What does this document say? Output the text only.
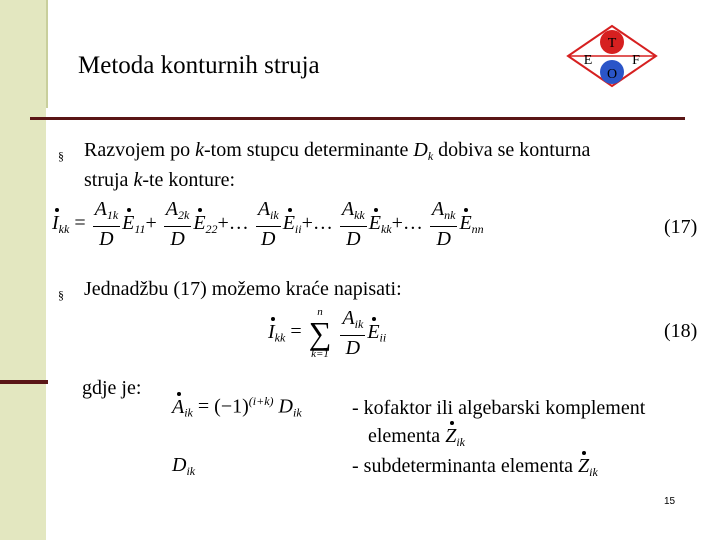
Metoda konturnih struja
T
E	F
O
§	Razvojem po k-tom stupcu determinante $D_k$ dobiva se konturna
struja k-te konture:
$I_{kk} = \frac{A_{1k}}{D} E_{11}+ \frac{A_{2k}}{D}$ $E_{22}+\dots \frac{A_{ik}}{D}$ $E_{ii}+\dots \frac{A_{kk}}{D}$ $E_{kk}+\dots \frac{A_{nk}}{D} E_{nn}$	(17)
§	Jednadžbu (17) možemo kraće napisati:
$I_{kk}$ =
n
∑
k=1
$\frac{A_{ik}}{D} E_{ii}$	(18)
gdje je:
$A_{ik} = (-1)^{(i+k)}$ $D_{ik}$	- kofaktor ili algebarski komplement
elementa $Z_{ik}$
$D_{ik}$	- subdeterminanta elementa $Z_{ik}$
15
